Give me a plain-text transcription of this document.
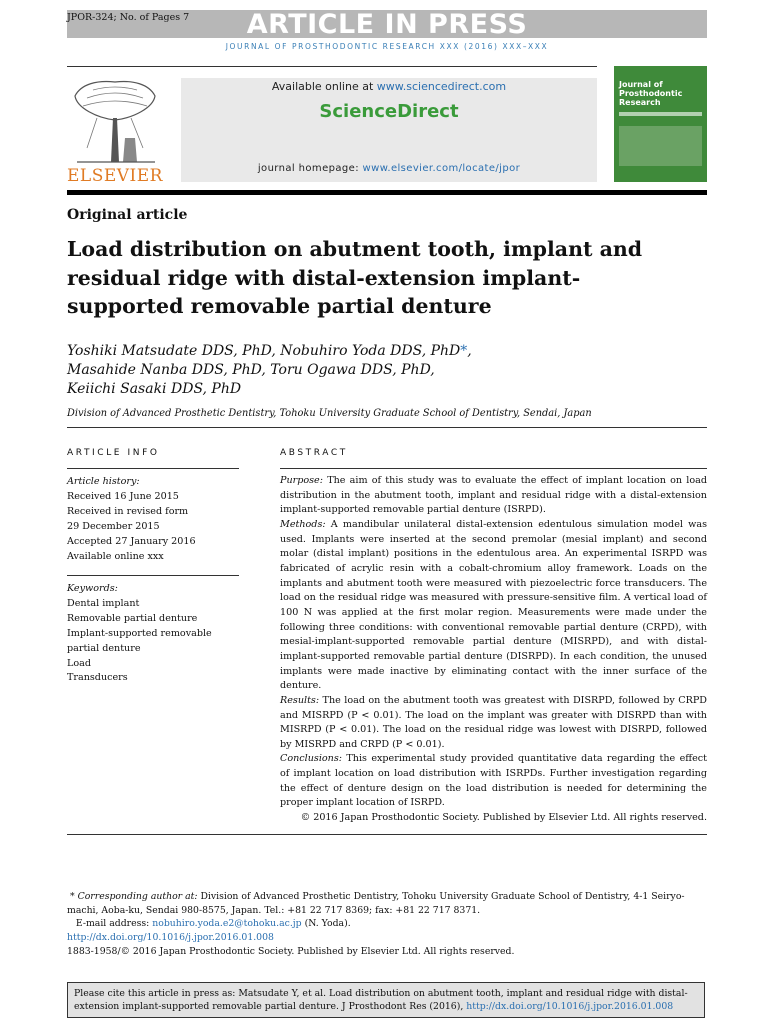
JPOR-324; No. of Pages 7	ARTICLE IN PRESS
JOURNAL OF PROSTHODONTIC RESEARCH XXX (2016) XXX–XXX
ELSEVIER
Available online at www.sciencedirect.com
ScienceDirect
journal homepage: www.elsevier.com/locate/jpor
Journal of Prosthodontic Research
Original article
Load distribution on abutment tooth, implant and residual ridge with distal-extension implant-supported removable partial denture
Yoshiki Matsudate DDS, PhD, Nobuhiro Yoda DDS, PhD*,
Masahide Nanba DDS, PhD, Toru Ogawa DDS, PhD,
Keiichi Sasaki DDS, PhD
Division of Advanced Prosthetic Dentistry, Tohoku University Graduate School of Dentistry, Sendai, Japan
ARTICLE INFO	ABSTRACT
Article history:
Received 16 June 2015
Received in revised form
29 December 2015
Accepted 27 January 2016
Available online xxx
Keywords:
Dental implant
Removable partial denture
Implant-supported removable
partial denture
Load
Transducers

Purpose: The aim of this study was to evaluate the effect of implant location on load distribution in the abutment tooth, implant and residual ridge with a distal-extension implant-supported removable partial denture (ISRPD).

Methods: A mandibular unilateral distal-extension edentulous simulation model was used. Implants were inserted at the second premolar (mesial implant) and second molar (distal implant) positions in the edentulous area. An experimental ISRPD was fabricated of acrylic resin with a cobalt-chromium alloy framework. Loads on the implants and abutment tooth were measured with piezoelectric force transducers. The load on the residual ridge was measured with pressure-sensitive film. A vertical load of 100 N was applied at the first molar region. Measurements were made under the following three conditions: with conventional removable partial denture (CRPD), with mesial-implant-supported removable partial denture (MISRPD), and with distal-implant-supported removable partial denture (DISRPD). In each condition, the unused implants were made inactive by eliminating contact with the inner surface of the denture.

Results: The load on the abutment tooth was greatest with DISRPD, followed by CRPD and MISRPD (P < 0.01). The load on the implant was greater with DISRPD than with MISRPD (P < 0.01). The load on the residual ridge was lowest with DISRPD, followed by MISRPD and CRPD (P < 0.01).

Conclusions: This experimental study provided quantitative data regarding the effect of implant location on load distribution with ISRPDs. Further investigation regarding the effect of denture design on the load distribution is needed for determining the proper implant location of ISRPD.

© 2016 Japan Prosthodontic Society. Published by Elsevier Ltd. All rights reserved.

* Corresponding author at: Division of Advanced Prosthetic Dentistry, Tohoku University Graduate School of Dentistry, 4-1 Seiryo-machi, Aoba-ku, Sendai 980-8575, Japan. Tel.: +81 22 717 8369; fax: +81 22 717 8371.

E-mail address: nobuhiro.yoda.e2@tohoku.ac.jp (N. Yoda).

http://dx.doi.org/10.1016/j.jpor.2016.01.008

1883-1958/© 2016 Japan Prosthodontic Society. Published by Elsevier Ltd. All rights reserved.

Please cite this article in press as: Matsudate Y, et al. Load distribution on abutment tooth, implant and residual ridge with distal-extension implant-supported removable partial denture. J Prosthodont Res (2016), http://dx.doi.org/10.1016/j.jpor.2016.01.008
